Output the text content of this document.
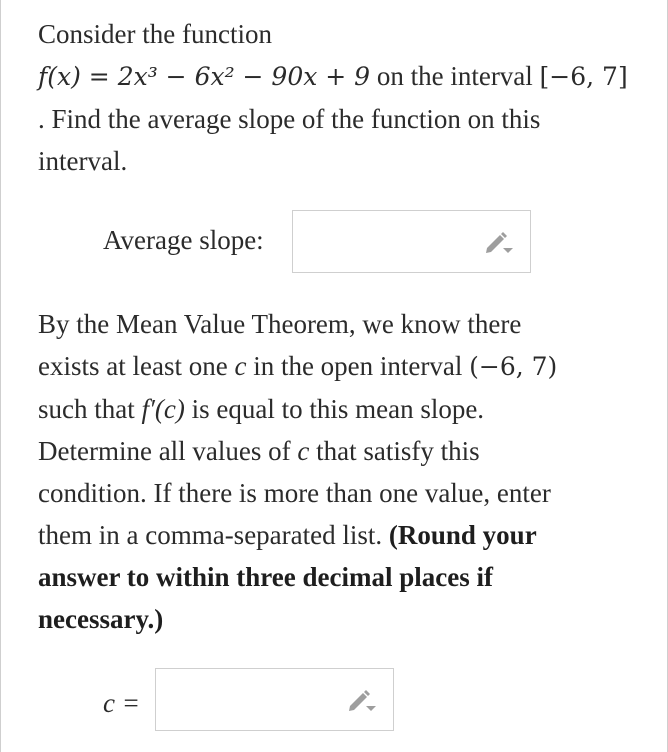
Consider the function
f(x) = 2x³ − 6x² − 90x + 9 on the interval [−6, 7]
. Find the average slope of the function on this
interval.
Average slope:
By the Mean Value Theorem, we know there
exists at least one c in the open interval (−6, 7)
such that f′(c) is equal to this mean slope.
Determine all values of c that satisfy this
condition. If there is more than one value, enter
them in a comma-separated list. (Round your
answer to within three decimal places if
necessary.)
c =
